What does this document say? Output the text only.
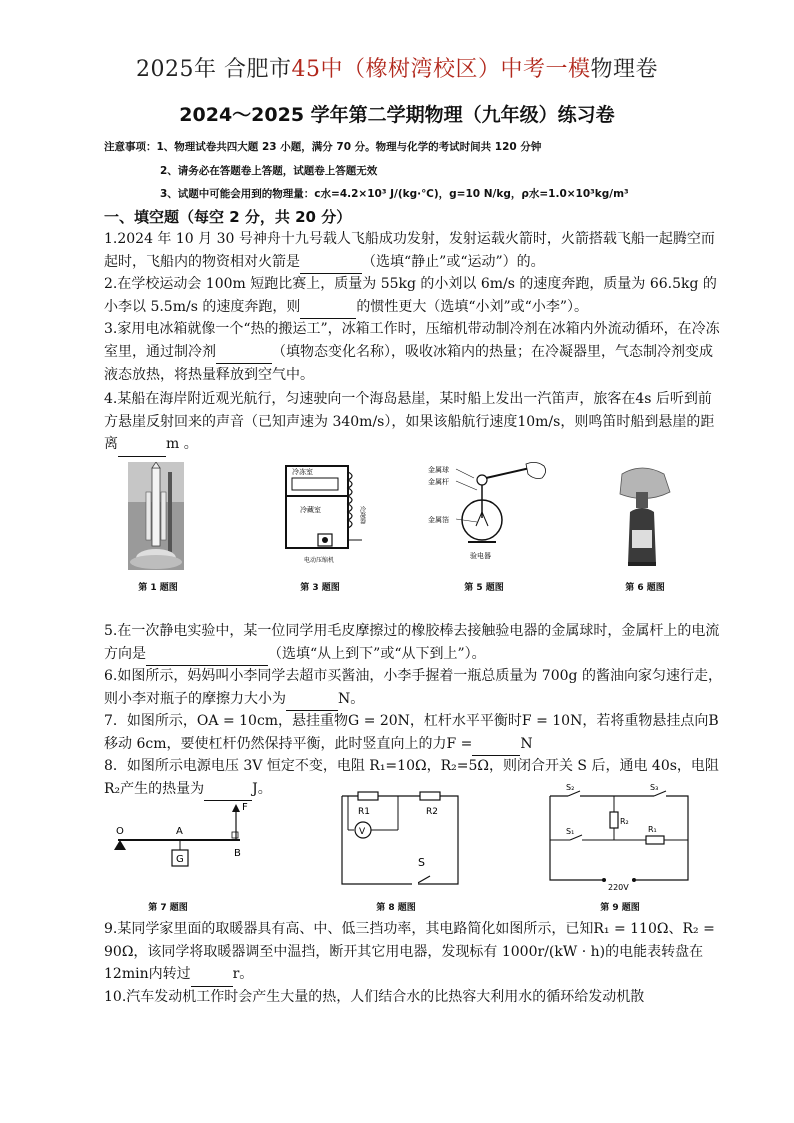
2025年 合肥市45中（橡树湾校区）中考一模物理卷
2024～2025 学年第二学期物理（九年级）练习卷
注意事项：1、物理试卷共四大题 23 小题，满分 70 分。物理与化学的考试时间共 120 分钟
2、请务必在答题卷上答题，试题卷上答题无效
3、试题中可能会用到的物理量：c水=4.2×10³ J/(kg·℃)，g=10 N/kg，ρ水=1.0×10³kg/m³
一、填空题（每空 2 分，共 20 分）
1.2024 年 10 月 30 号神舟十九号载人飞船成功发射，发射运载火箭时，火箭搭载飞船一起腾空而起时，飞船内的物资相对火箭是	（选填“静止”或“运动”）的。
2.在学校运动会 100m 短跑比赛上，质量为 55kg 的小刘以 6m/s 的速度奔跑，质量为 66.5kg 的小李以 5.5m/s 的速度奔跑，则	的惯性更大（选填“小刘”或“小李”）。
3.家用电冰箱就像一个“热的搬运工”，冰箱工作时，压缩机带动制冷剂在冰箱内外流动循环，在冷冻室里，通过制冷剂	（填物态变化名称），吸收冰箱内的热量；在冷凝器里，气态制冷剂变成液态放热，将热量释放到空气中。
4.某船在海岸附近观光航行，匀速驶向一个海岛悬崖，某时船上发出一汽笛声，旅客在4s 后听到前方悬崖反射回来的声音（已知声速为 340m/s），如果该船航行速度10m/s，则鸣笛时船到悬崖的距离	m 。
第 1 题图
冷冻室
冷藏室	冷凝器
电动压缩机
第 3 题图
金属球
金属杆
金属箔
验电器
第 5 题图	第 6 题图
5.在一次静电实验中，某一位同学用毛皮摩擦过的橡胶棒去接触验电器的金属球时，金属杆上的电流方向是	（选填“从上到下”或“从下到上”）。
6.如图所示，妈妈叫小李同学去超市买酱油，小李手握着一瓶总质量为 700g 的酱油向家匀速行走，则小李对瓶子的摩擦力大小为	N。
7．如图所示，OA = 10cm，悬挂重物G = 20N，杠杆水平平衡时F = 10N，若将重物悬挂点向B移动 6cm，要使杠杆仍然保持平衡，此时竖直向上的力F =	N
8．如图所示电源电压 3V 恒定不变，电阻 R₁=10Ω，R₂=5Ω，则闭合开关 S 后，通电 40s，电阻 R₂产生的热量为	J。
O	A
G
F
B
第 7 题图
R1	R2
V
S
第 8 题图
S₂	S₃
R₂
S₁	R₁
220V
第 9 题图
9.某同学家里面的取暖器具有高、中、低三挡功率，其电路简化如图所示，已知R₁ = 110Ω、R₂ = 90Ω，该同学将取暖器调至中温挡，断开其它用电器，发现标有 1000r/(kW · h)的电能表转盘在 12min内转过	r。
10.汽车发动机工作时会产生大量的热，人们结合水的比热容大利用水的循环给发动机散
